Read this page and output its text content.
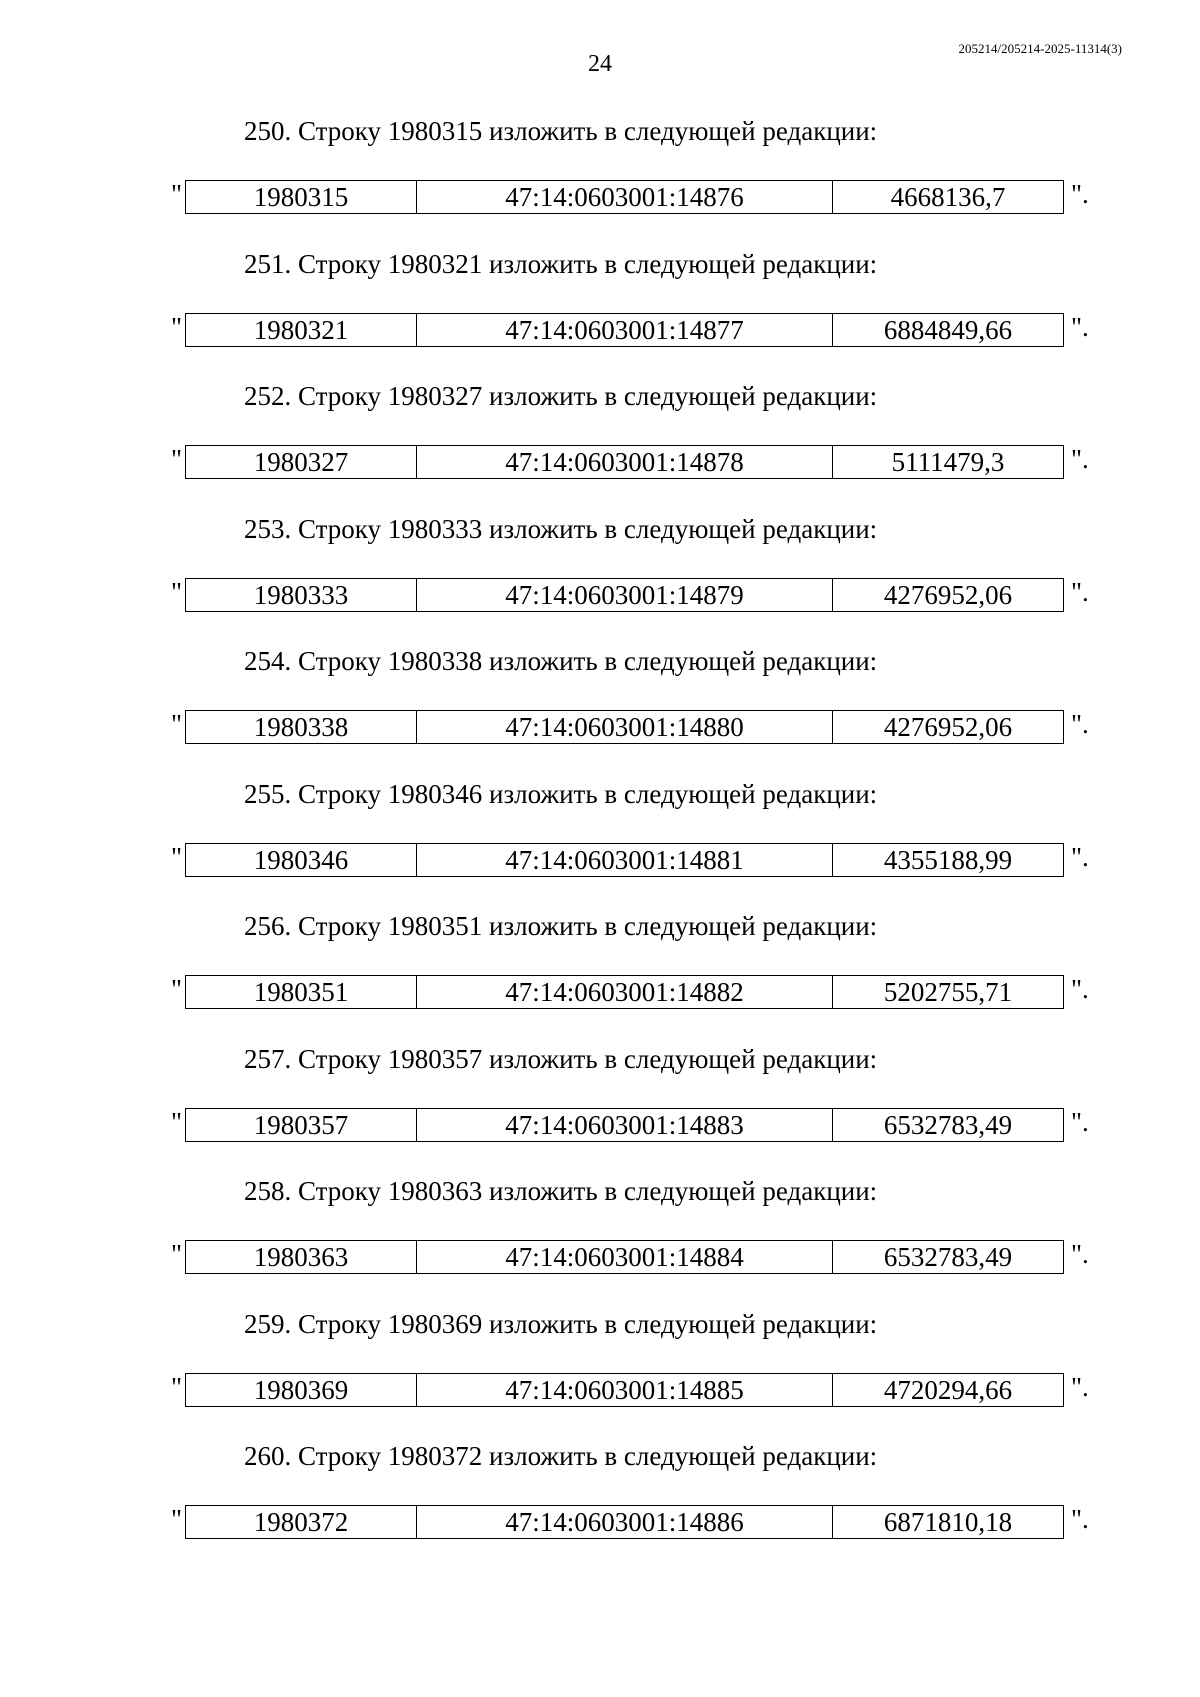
24
205214/205214-2025-11314(3)
250. Строку 1980315 изложить в следующей редакции:
"	1980315	47:14:0603001:14876	4668136,7 ".
251. Строку 1980321 изложить в следующей редакции:
"	1980321	47:14:0603001:14877	6884849,66 ".
252. Строку 1980327 изложить в следующей редакции:
"	1980327	47:14:0603001:14878	5111479,3 ".
253. Строку 1980333 изложить в следующей редакции:
"	1980333	47:14:0603001:14879	4276952,06 ".
254. Строку 1980338 изложить в следующей редакции:
"	1980338	47:14:0603001:14880	4276952,06 ".
255. Строку 1980346 изложить в следующей редакции:
"	1980346	47:14:0603001:14881	4355188,99 ".
256. Строку 1980351 изложить в следующей редакции:
"	1980351	47:14:0603001:14882	5202755,71 ".
257. Строку 1980357 изложить в следующей редакции:
"	1980357	47:14:0603001:14883	6532783,49 ".
258. Строку 1980363 изложить в следующей редакции:
"	1980363	47:14:0603001:14884	6532783,49 ".
259. Строку 1980369 изложить в следующей редакции:
"	1980369	47:14:0603001:14885	4720294,66 ".
260. Строку 1980372 изложить в следующей редакции:
"	1980372	47:14:0603001:14886	6871810,18 ".
